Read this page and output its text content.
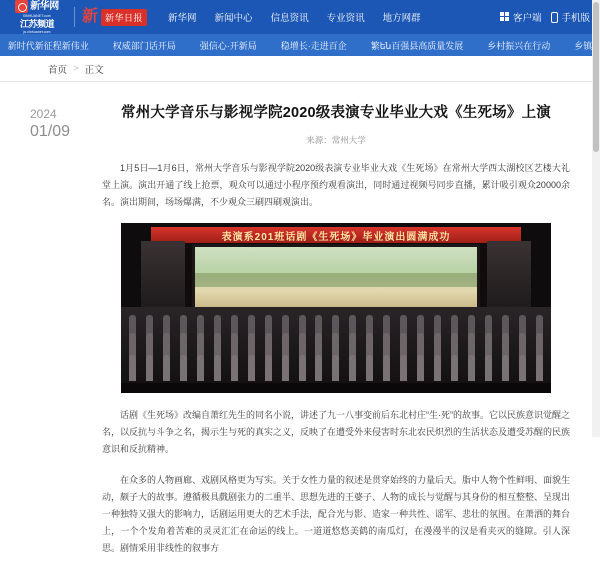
新华网
XINHUANET.com
江苏频道
js.xinhuanet.com
新 新华日报	新华网	新闻中心	信息资讯	专业资讯	地方网群	客户端 手机版
新时代新征程新伟业	权威部门话开局	强信心·开新局	稳增长·走进百企	繁են百强县高质量发展	乡村振兴在行动	乡镇
首页 > 正文
2024
01/09
常州大学音乐与影视学院2020级表演专业毕业大戏《生死场》上演
来源：常州大学

1月5日—1月6日，常州大学音乐与影视学院2020级表演专业毕业大戏《生死场》在常州大学西太湖校区艺楼大礼堂上演。演出开通了线上抢票，观众可以通过小程序预约观看演出，同时通过视频号同步直播，累计吸引观众20000余名。演出期间，场场爆满，不少观众三刷四刷观演出。

表演系201班话剧《生死场》毕业演出圆满成功

话剧《生死场》改编自萧红先生的同名小说，讲述了九一八事变前后东北村庄“生·死”的故事。它以民族意识觉醒之名，以反抗与斗争之名，揭示生与死的真实之义，反映了在遭受外来侵害时东北农民炽烈的生活状态及遭受苏醒的民族意识和反抗精神。

在众多的人物画廊、戏剧风格更为写实。关于女性力量的叙述是贯穿始终的力量后天。脂中人物个性鲜明、面貌生动，颇子大的故事。遵循极具戲剧张力的二重半、思想先进的王婆子、人物的成长与觉醒与其身份的相互整整、呈现出一种独特又强大的影响力，话剧运用更大的艺术手法，配合光与影、造家一种共性、谣军、悲壮的氛围。在萧洒的舞台上，一个个发角着苦难的灵灵汇汇在命运的线上。一道道悠悠美鹤的南瓜灯，在漫漫半的汉是看夹灭的缝隙。引人深思。剧情采用非线性的叙事方
